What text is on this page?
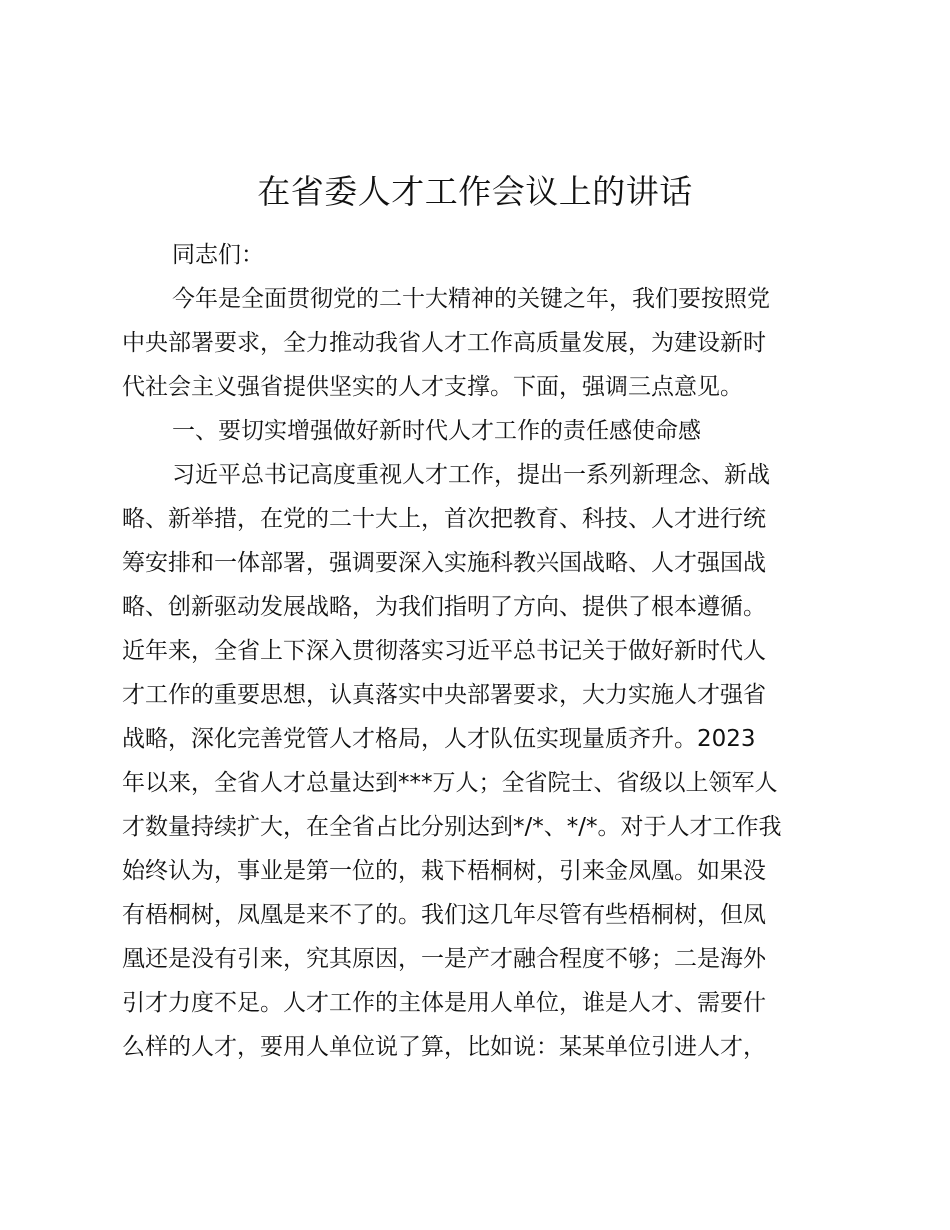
在省委人才工作会议上的讲话
同志们：
今年是全面贯彻党的二十大精神的关键之年，我们要按照党
中央部署要求，全力推动我省人才工作高质量发展，为建设新时
代社会主义强省提供坚实的人才支撑。下面，强调三点意见。
一、要切实增强做好新时代人才工作的责任感使命感
习近平总书记高度重视人才工作，提出一系列新理念、新战
略、新举措，在党的二十大上，首次把教育、科技、人才进行统
筹安排和一体部署，强调要深入实施科教兴国战略、人才强国战
略、创新驱动发展战略，为我们指明了方向、提供了根本遵循。
近年来，全省上下深入贯彻落实习近平总书记关于做好新时代人
才工作的重要思想，认真落实中央部署要求，大力实施人才强省
战略，深化完善党管人才格局，人才队伍实现量质齐升。2023
年以来，全省人才总量达到***万人；全省院士、省级以上领军人
才数量持续扩大，在全省占比分别达到*/*、*/*。对于人才工作我
始终认为，事业是第一位的，栽下梧桐树，引来金凤凰。如果没
有梧桐树，凤凰是来不了的。我们这几年尽管有些梧桐树，但凤
凰还是没有引来，究其原因，一是产才融合程度不够；二是海外
引才力度不足。人才工作的主体是用人单位，谁是人才、需要什
么样的人才，要用人单位说了算，比如说：某某单位引进人才，
